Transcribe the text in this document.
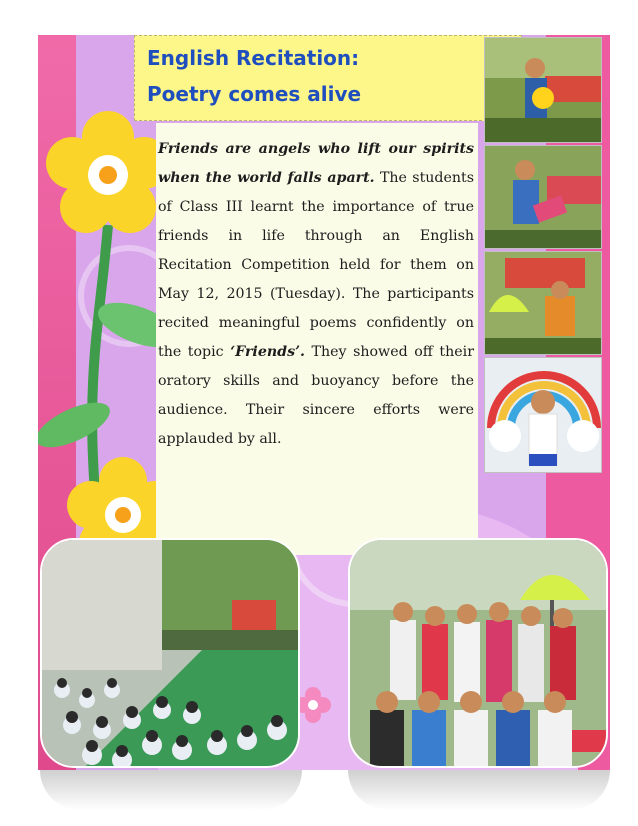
English Recitation:
Poetry comes alive

Friends are angels who lift our spirits when the world falls apart. The students of Class III learnt the importance of true friends in life through an English Recitation Competition held for them on May 12, 2015 (Tuesday). The participants recited meaningful poems confidently on the topic ‘Friends’. They showed off their oratory skills and buoyancy before the audience. Their sincere efforts were applauded by all.
